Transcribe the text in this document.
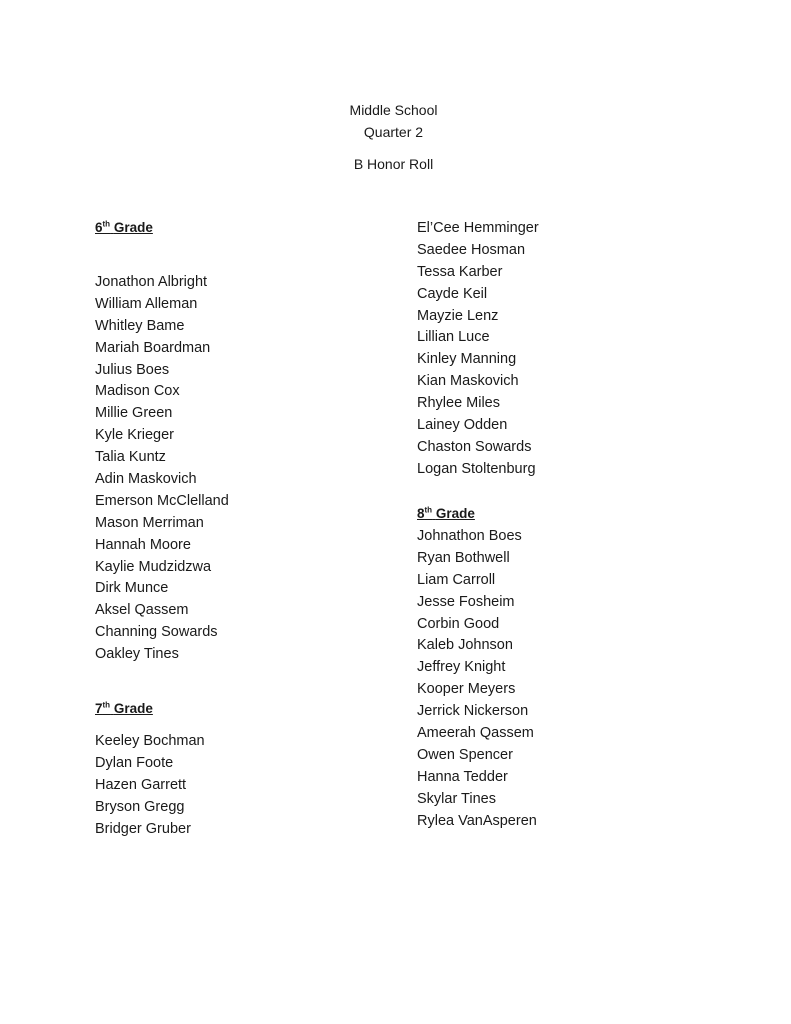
Middle School
Quarter 2
B Honor Roll
6th Grade
Jonathon Albright
William Alleman
Whitley Bame
Mariah Boardman
Julius Boes
Madison Cox
Millie Green
Kyle Krieger
Talia Kuntz
Adin Maskovich
Emerson McClelland
Mason Merriman
Hannah Moore
Kaylie Mudzidzwa
Dirk Munce
Aksel Qassem
Channing Sowards
Oakley Tines
7th Grade
Keeley Bochman
Dylan Foote
Hazen Garrett
Bryson Gregg
Bridger Gruber
El’Cee Hemminger
Saedee Hosman
Tessa Karber
Cayde Keil
Mayzie Lenz
Lillian Luce
Kinley Manning
Kian Maskovich
Rhylee Miles
Lainey Odden
Chaston Sowards
Logan Stoltenburg
8th Grade
Johnathon Boes
Ryan Bothwell
Liam Carroll
Jesse Fosheim
Corbin Good
Kaleb Johnson
Jeffrey Knight
Kooper Meyers
Jerrick Nickerson
Ameerah Qassem
Owen Spencer
Hanna Tedder
Skylar Tines
Rylea VanAsperen
